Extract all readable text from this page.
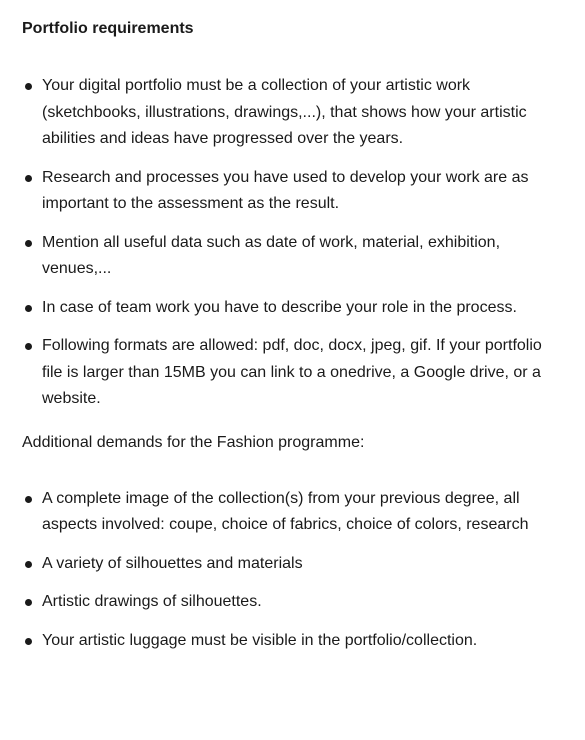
Portfolio requirements
Your digital portfolio must be a collection of your artistic work (sketchbooks, illustrations, drawings,...), that shows how your artistic abilities and ideas have progressed over the years.
Research and processes you have used to develop your work are as important to the assessment as the result.
Mention all useful data such as date of work, material, exhibition, venues,...
In case of team work you have to describe your role in the process.
Following formats are allowed: pdf, doc, docx, jpeg, gif. If your portfolio file is larger than 15MB you can link to a onedrive, a Google drive, or a website.
Additional demands for the Fashion programme:
A complete image of the collection(s) from your previous degree, all aspects involved: coupe, choice of fabrics, choice of colors, research
A variety of silhouettes and materials
Artistic drawings of silhouettes.
Your artistic luggage must be visible in the portfolio/collection.
